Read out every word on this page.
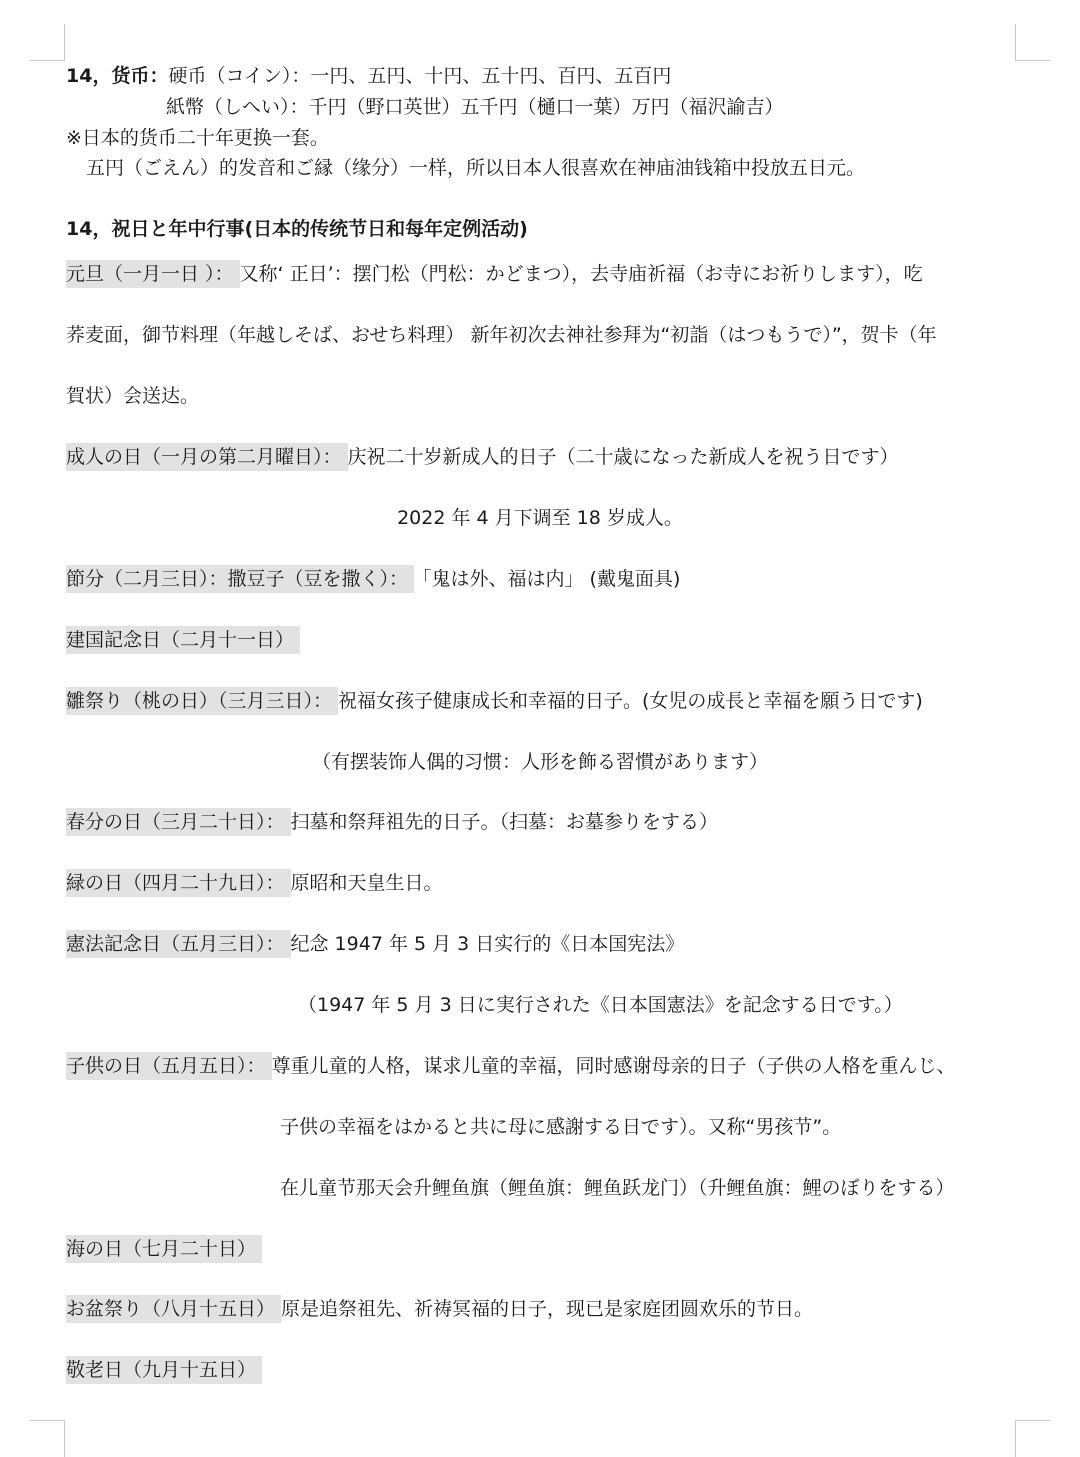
14，货币：硬币（コイン）：一円、五円、十円、五十円、百円、五百円
紙幣（しへい）：千円（野口英世）五千円（樋口一葉）万円（福沢諭吉）
※日本的货币二十年更换一套。
五円（ごえん）的发音和ご縁（缘分）一样，所以日本人很喜欢在神庙油钱箱中投放五日元。
14，祝日と年中行事(日本的传统节日和每年定例活动)
元旦（一月一日 ）： 又称‘ 正日’：摆门松（門松：かどまつ），去寺庙祈福（お寺にお祈りします），吃
荞麦面，御节料理（年越しそば、おせち料理） 新年初次去神社参拜为“初詣（はつもうで）”，贺卡（年
賀状）会送达。
成人の日（一月の第二月曜日）： 庆祝二十岁新成人的日子（二十歳になった新成人を祝う日です）
2022 年 4 月下调至 18 岁成人。
節分（二月三日）：撒豆子（豆を撒く）： 「鬼は外、福は内」 (戴鬼面具)
建国記念日（二月十一日）
雛祭り（桃の日）（三月三日）： 祝福女孩子健康成长和幸福的日子。(女児の成長と幸福を願う日です)
（有摆装饰人偶的习惯：人形を飾る習慣があります）
春分の日（三月二十日）： 扫墓和祭拜祖先的日子。（扫墓：お墓参りをする）
緑の日（四月二十九日）： 原昭和天皇生日。
憲法記念日（五月三日）： 纪念 1947 年 5 月 3 日实行的《日本国宪法》
（1947 年 5 月 3 日に実行された《日本国憲法》を記念する日です。）
子供の日（五月五日）： 尊重儿童的人格，谋求儿童的幸福，同时感谢母亲的日子（子供の人格を重んじ、
子供の幸福をはかると共に母に感謝する日です）。又称“男孩节”。
在儿童节那天会升鲤鱼旗（鲤鱼旗：鲤鱼跃龙门）（升鲤鱼旗：鯉のぼりをする）
海の日（七月二十日）
お盆祭り（八月十五日） 原是追祭祖先、祈祷冥福的日子，现已是家庭团圆欢乐的节日。
敬老日（九月十五日）
